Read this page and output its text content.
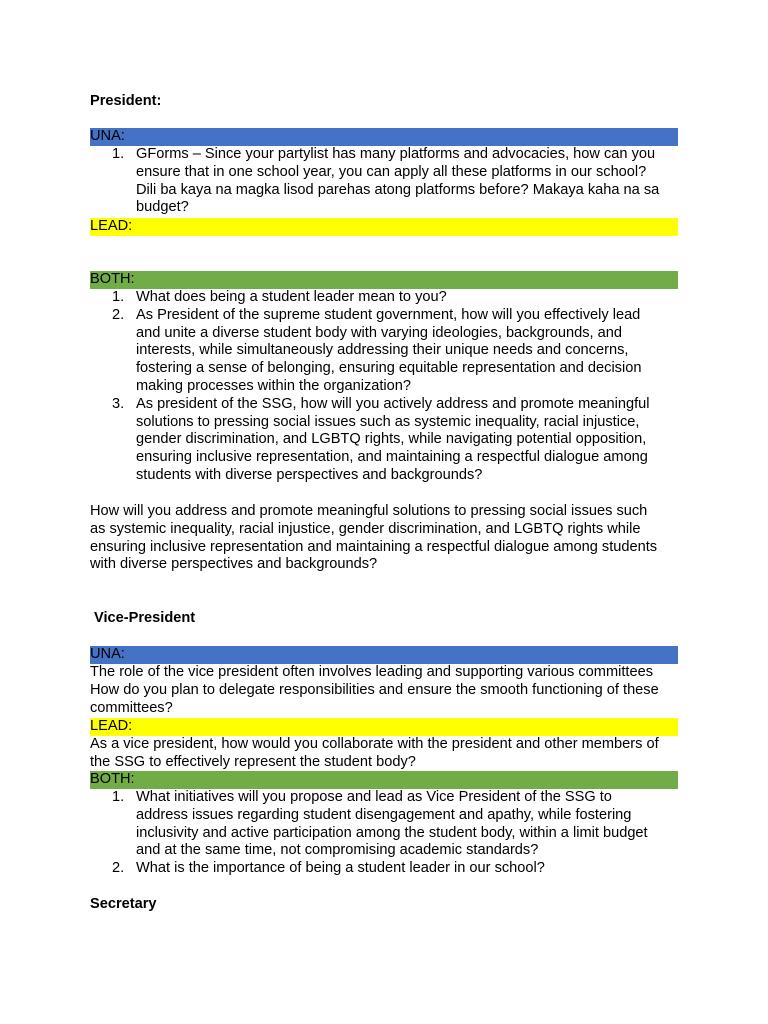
President:
UNA:
1. GForms – Since your partylist has many platforms and advocacies, how can you
ensure that in one school year, you can apply all these platforms in our school?
Dili ba kaya na magka lisod parehas atong platforms before? Makaya kaha na sa
budget?
LEAD:
BOTH:
1. What does being a student leader mean to you?
2. As President of the supreme student government, how will you effectively lead
and unite a diverse student body with varying ideologies, backgrounds, and
interests, while simultaneously addressing their unique needs and concerns,
fostering a sense of belonging, ensuring equitable representation and decision
making processes within the organization?
3. As president of the SSG, how will you actively address and promote meaningful
solutions to pressing social issues such as systemic inequality, racial injustice,
gender discrimination, and LGBTQ rights, while navigating potential opposition,
ensuring inclusive representation, and maintaining a respectful dialogue among
students with diverse perspectives and backgrounds?
How will you address and promote meaningful solutions to pressing social issues such
as systemic inequality, racial injustice, gender discrimination, and LGBTQ rights while
ensuring inclusive representation and maintaining a respectful dialogue among students
with diverse perspectives and backgrounds?
Vice-President
UNA:
The role of the vice president often involves leading and supporting various committees
How do you plan to delegate responsibilities and ensure the smooth functioning of these
committees?
LEAD:
As a vice president, how would you collaborate with the president and other members of
the SSG to effectively represent the student body?
BOTH:
1. What initiatives will you propose and lead as Vice President of the SSG to
address issues regarding student disengagement and apathy, while fostering
inclusivity and active participation among the student body, within a limit budget
and at the same time, not compromising academic standards?
2. What is the importance of being a student leader in our school?
Secretary
